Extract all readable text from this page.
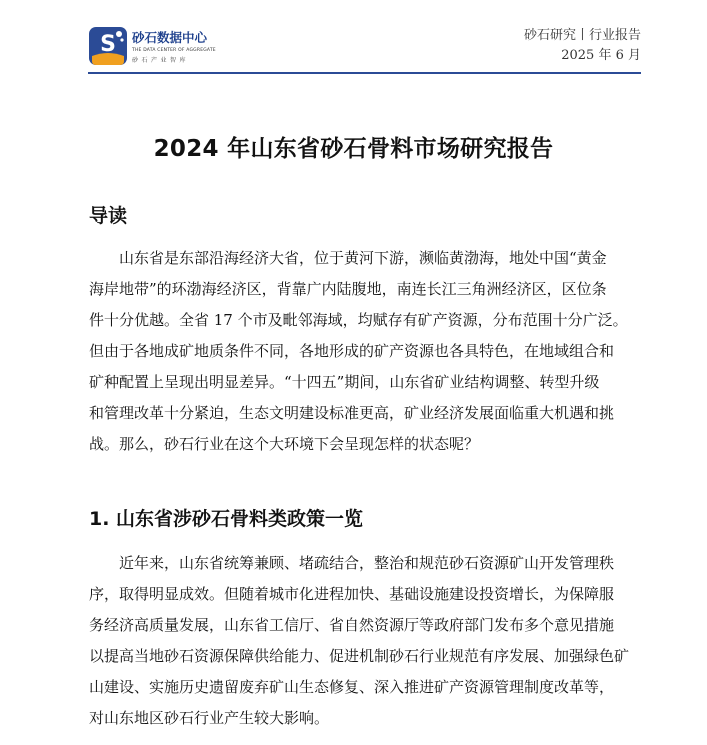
S 砂石数据中心
THE DATA CENTER OF AGGREGATE
砂石产业智库
砂石研究丨行业报告
2025 年 6 月
2024 年山东省砂石骨料市场研究报告
导读
山东省是东部沿海经济大省，位于黄河下游，濒临黄渤海，地处中国“黄金
海岸地带”的环渤海经济区，背靠广内陆腹地，南连长江三角洲经济区，区位条
件十分优越。全省 17 个市及毗邻海域，均赋存有矿产资源，分布范围十分广泛。
但由于各地成矿地质条件不同，各地形成的矿产资源也各具特色，在地域组合和
矿种配置上呈现出明显差异。“十四五”期间，山东省矿业结构调整、转型升级
和管理改革十分紧迫，生态文明建设标准更高，矿业经济发展面临重大机遇和挑
战。那么，砂石行业在这个大环境下会呈现怎样的状态呢？
1. 山东省涉砂石骨料类政策一览
近年来，山东省统筹兼顾、堵疏结合，整治和规范砂石资源矿山开发管理秩
序，取得明显成效。但随着城市化进程加快、基础设施建设投资增长，为保障服
务经济高质量发展，山东省工信厅、省自然资源厅等政府部门发布多个意见措施
以提高当地砂石资源保障供给能力、促进机制砂石行业规范有序发展、加强绿色矿
山建设、实施历史遗留废弃矿山生态修复、深入推进矿产资源管理制度改革等，
对山东地区砂石行业产生较大影响。
